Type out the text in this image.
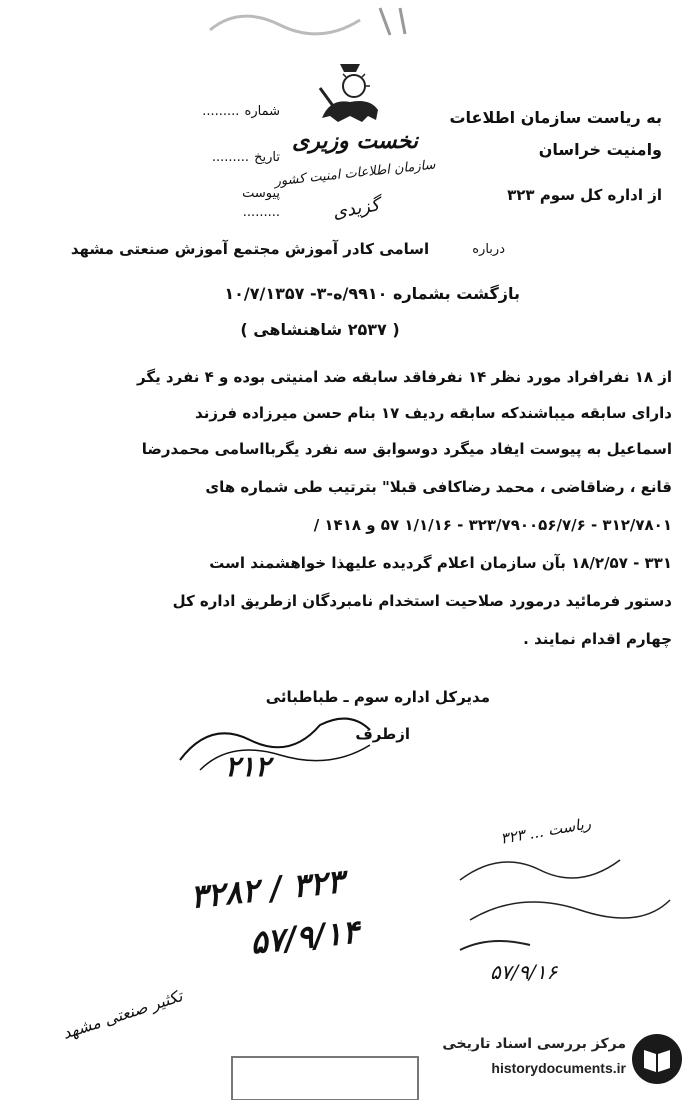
نخست وزیری
سازمان اطلاعات امنیت کشور
گزیدی
شماره .........
تاریخ .........
پیوست .........
به ریاست سازمان اطلاعات
وامنیت خراسان
از اداره کل سوم ۳۲۳
درباره
اسامی کادر آموزش مجتمع آموزش صنعتی مشهد
بازگشت بشماره ۹۹۱۰/ه-۳- ۱۰/۷/۱۳۵۷
( ۲۵۳۷ شاهنشاهی )
از ۱۸ نفرافراد مورد نظر ۱۴ نفرفاقد سابقه ضد امنیتی بوده و ۴ نفرد یگر
دارای سابقه میباشندکه سابقه ردیف ۱۷ بنام حسن میرزاده فرزند
اسماعیل به پیوست ایفاد میگرد دوسوابق سه نفرد یگربااسامی محمدرضا
قانع ، رضاقاضی ، محمد رضاکافی قبلا" بترتیب طی شماره های
۳۱۲/۷۸۰۱ - ۳۲۳/۷۹۰۰۵۶/۷/۶ - ۱/۱/۱۶ ۵۷ و ۱۴۱۸ /
۳۳۱ - ۱۸/۲/۵۷ بآن سازمان اعلام گردیده علیهذا خواهشمند است
دستور فرمائید درمورد صلاحیت استخدام نامبردگان ازطریق اداره کل
چهارم اقدام نمایند .
مدیرکل اداره سوم ـ طباطبائی
ازطرف
۲۱۲
ریاست ... ۳۲۳
۳۲۳ / ۳۲۸۲
۵۷/۹/۱۴
۵۷/۹/۱۶
تکثیر صنعتی مشهد
مرکز بررسی اسناد تاریخی
historydocuments.ir
